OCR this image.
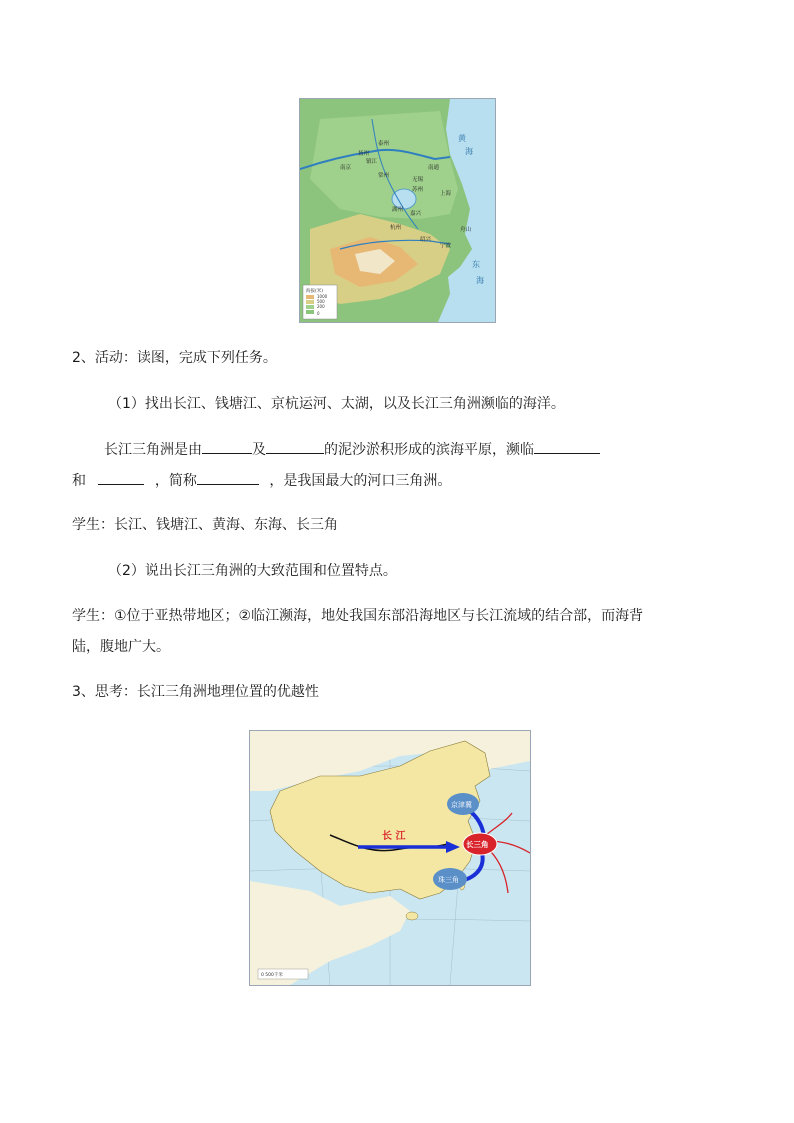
黄
海
东
海
泰州
扬州
镇江
南京
常州
无锡
南通
苏州
上海
湖州
嘉兴
杭州
宁波
绍兴
舟山
海拔(米)
1000
500
200
0
2、活动：读图，完成下列任务。
（1）找出长江、钱塘江、京杭运河、太湖，以及长江三角洲濒临的海洋。
长江三角洲是由	及	的泥沙淤积形成的滨海平原，濒临
和	，简称	，是我国最大的河口三角洲。
学生：长江、钱塘江、黄海、东海、长三角
（2）说出长江三角洲的大致范围和位置特点。
学生：①位于亚热带地区；②临江濒海，地处我国东部沿海地区与长江流域的结合部，而海背
陆，腹地广大。
3、思考：长江三角洲地理位置的优越性
长 江
京津冀
长三角
珠三角
0 500千米
